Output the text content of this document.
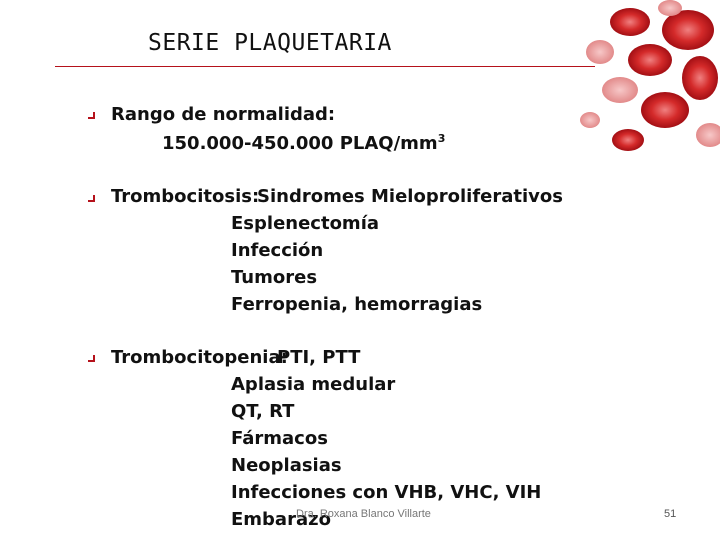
SERIE PLAQUETARIA
Rango de normalidad:
150.000-450.000 PLAQ/$mm^3$
Trombocitosis:
Sindromes Mieloproliferativos
Esplenectomía
Infección
Tumores
Ferropenia, hemorragias
Trombocitopenia:
PTI, PTT
Aplasia medular
QT, RT
Fármacos
Neoplasias
Infecciones con VHB, VHC, VIH
Embarazo
Dra. Roxana Blanco Villarte	51
